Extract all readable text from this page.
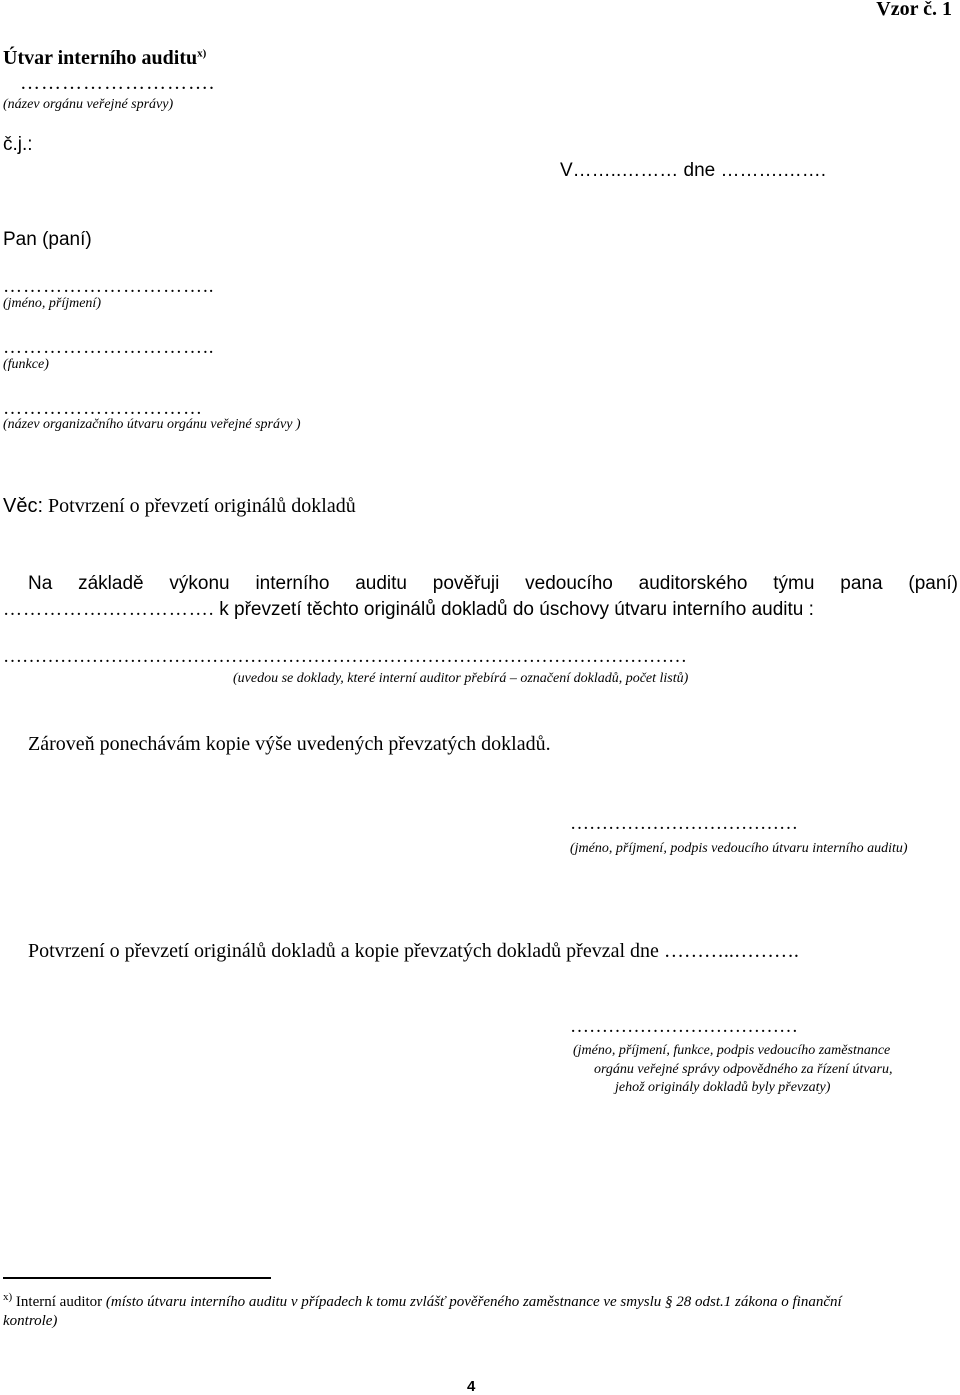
Vzor č. 1
Útvar interního auditu$^{x)}$
……………………….
(název orgánu veřejné správy)
č.j.:
V……..……… dne ……….…….
Pan (paní)
…………………………..
(jméno, příjmení)
…………………………..
(funkce)
…………………………
(název organizačního útvaru orgánu veřejné správy )
Věc: Potvrzení o převzetí originálů dokladů
Na základě výkonu interního auditu pověřuji vedoucího auditorského týmu pana (paní)
…………….……………. k převzetí těchto originálů dokladů do úschovy útvaru interního auditu :
………………………………………………………………………………………………
(uvedou se doklady, které interní auditor přebírá – označení dokladů, počet listů)
Zároveň ponechávám kopie výše uvedených převzatých dokladů.
………………………………
(jméno, příjmení, podpis vedoucího útvaru interního auditu)
Potvrzení o převzetí originálů dokladů a kopie převzatých dokladů převzal dne ………..……….
………………………………
(jméno, příjmení, funkce, podpis vedoucího zaměstnance
orgánu veřejné správy odpovědného za řízení útvaru,
jehož originály dokladů byly převzaty)
$^{x)}$ Interní auditor (místo útvaru interního auditu v případech k tomu zvlášť pověřeného zaměstnance ve smyslu § 28 odst.1 zákona o finanční
kontrole)
4
